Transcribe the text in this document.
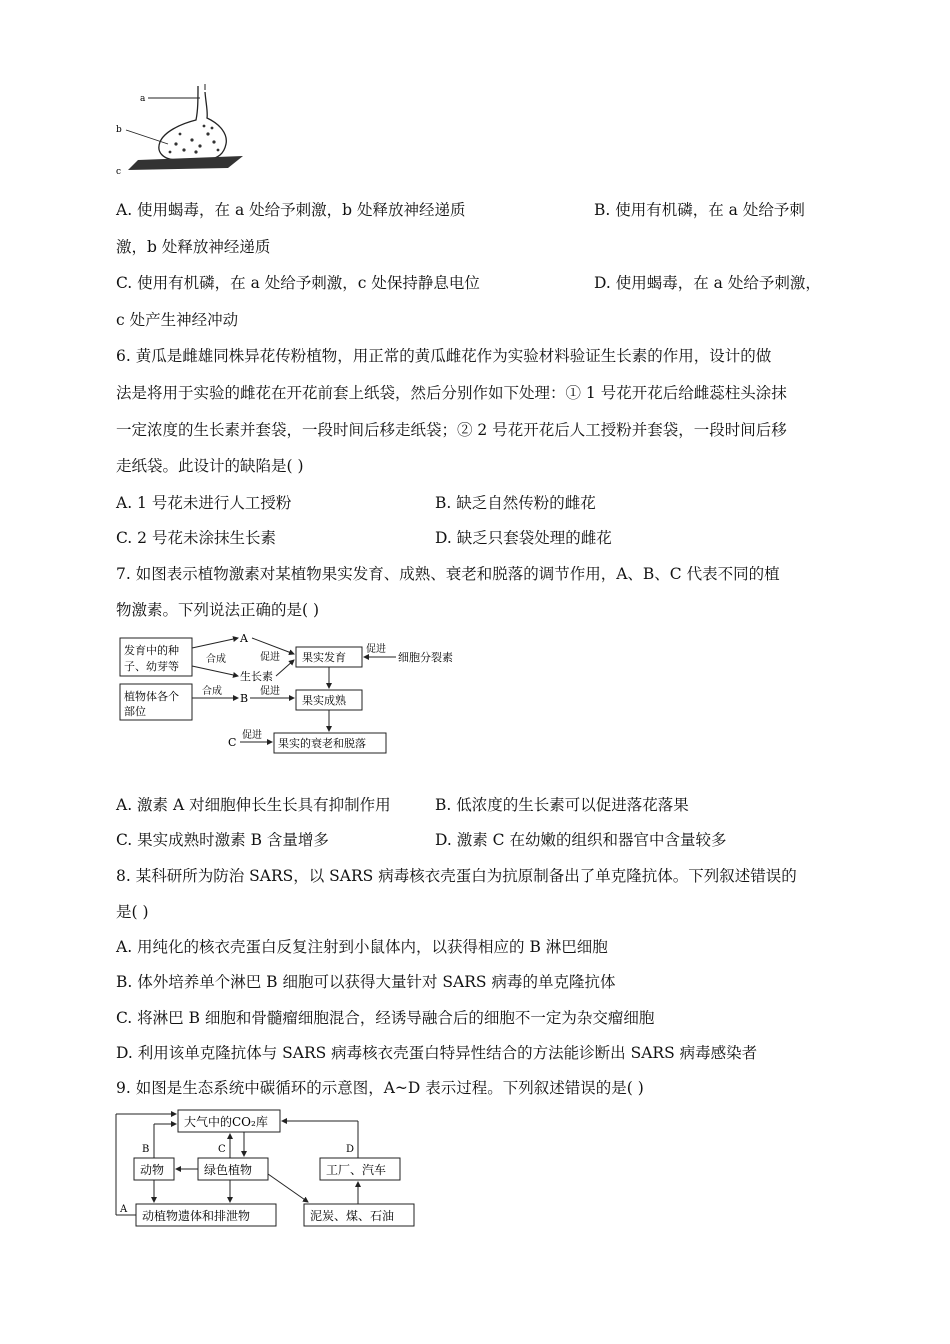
a
b
c
A. 使用蝎毒，在 a 处给予刺激，b 处释放神经递质	B. 使用有机磷，在 a 处给予刺
激，b 处释放神经递质
C. 使用有机磷，在 a 处给予刺激，c 处保持静息电位	D. 使用蝎毒，在 a 处给予刺激，
c 处产生神经冲动
6. 黄瓜是雌雄同株异花传粉植物，用正常的黄瓜雌花作为实验材料验证生长素的作用，设计的做
法是将用于实验的雌花在开花前套上纸袋，然后分别作如下处理：① 1 号花开花后给雌蕊柱头涂抹
一定浓度的生长素并套袋，一段时间后移走纸袋；② 2 号花开花后人工授粉并套袋，一段时间后移
走纸袋。此设计的缺陷是( )
A. 1 号花未进行人工授粉	B. 缺乏自然传粉的雌花
C. 2 号花未涂抹生长素	D. 缺乏只套袋处理的雌花
7. 如图表示植物激素对某植物果实发育、成熟、衰老和脱落的调节作用，A、B、C 代表不同的植
物激素。下列说法正确的是( )
发育中的种
子、幼芽等
植物体各个
部位
A
B
C
生长素
合成
合成
促进
促进
促进
促进
果实发育
果实成熟
果实的衰老和脱落
细胞分裂素
A. 激素 A 对细胞伸长生长具有抑制作用	B. 低浓度的生长素可以促进落花落果
C. 果实成熟时激素 B 含量增多	D. 激素 C 在幼嫩的组织和器官中含量较多
8. 某科研所为防治 SARS，以 SARS 病毒核衣壳蛋白为抗原制备出了单克隆抗体。下列叙述错误的
是( )
A. 用纯化的核衣壳蛋白反复注射到小鼠体内，以获得相应的 B 淋巴细胞
B. 体外培养单个淋巴 B 细胞可以获得大量针对 SARS 病毒的单克隆抗体
C. 将淋巴 B 细胞和骨髓瘤细胞混合，经诱导融合后的细胞不一定为杂交瘤细胞
D. 利用该单克隆抗体与 SARS 病毒核衣壳蛋白特异性结合的方法能诊断出 SARS 病毒感染者
9. 如图是生态系统中碳循环的示意图，A~D 表示过程。下列叙述错误的是( )
大气中的CO₂库
动物	绿色植物	工厂、汽车
动植物遗体和排泄物	泥炭、煤、石油
A
B	C	D
